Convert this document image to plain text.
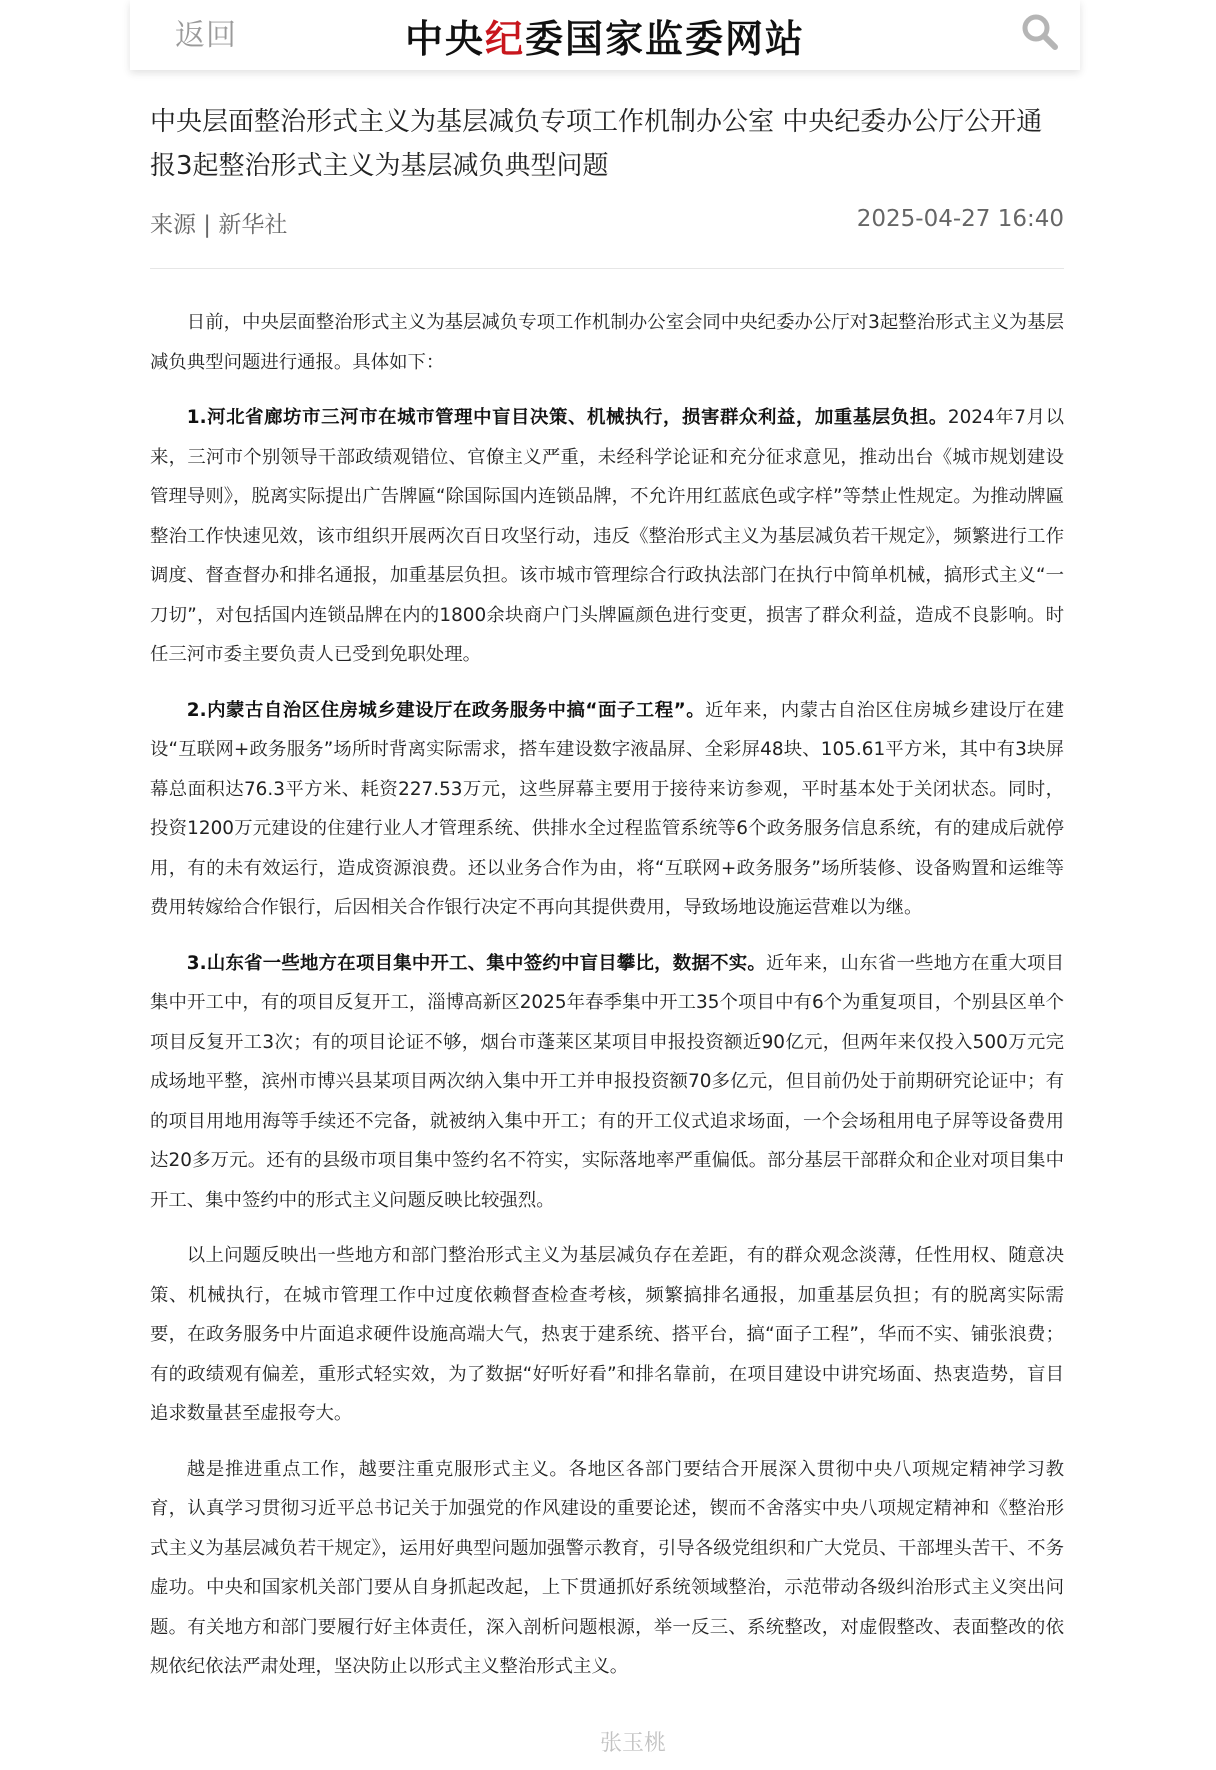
返回	中央纪委国家监委网站
中央层面整治形式主义为基层减负专项工作机制办公室 中央纪委办公厅公开通报3起整治形式主义为基层减负典型问题
来源 | 新华社	2025-04-27 16:40

日前，中央层面整治形式主义为基层减负专项工作机制办公室会同中央纪委办公厅对3起整治形式主义为基层减负典型问题进行通报。具体如下：

1.河北省廊坊市三河市在城市管理中盲目决策、机械执行，损害群众利益，加重基层负担。2024年7月以来，三河市个别领导干部政绩观错位、官僚主义严重，未经科学论证和充分征求意见，推动出台《城市规划建设管理导则》，脱离实际提出广告牌匾“除国际国内连锁品牌，不允许用红蓝底色或字样”等禁止性规定。为推动牌匾整治工作快速见效，该市组织开展两次百日攻坚行动，违反《整治形式主义为基层减负若干规定》，频繁进行工作调度、督查督办和排名通报，加重基层负担。该市城市管理综合行政执法部门在执行中简单机械，搞形式主义“一刀切”，对包括国内连锁品牌在内的1800余块商户门头牌匾颜色进行变更，损害了群众利益，造成不良影响。时任三河市委主要负责人已受到免职处理。

2.内蒙古自治区住房城乡建设厅在政务服务中搞“面子工程”。近年来，内蒙古自治区住房城乡建设厅在建设“互联网+政务服务”场所时背离实际需求，搭车建设数字液晶屏、全彩屏48块、105.61平方米，其中有3块屏幕总面积达76.3平方米、耗资227.53万元，这些屏幕主要用于接待来访参观，平时基本处于关闭状态。同时，投资1200万元建设的住建行业人才管理系统、供排水全过程监管系统等6个政务服务信息系统，有的建成后就停用，有的未有效运行，造成资源浪费。还以业务合作为由，将“互联网+政务服务”场所装修、设备购置和运维等费用转嫁给合作银行，后因相关合作银行决定不再向其提供费用，导致场地设施运营难以为继。

3.山东省一些地方在项目集中开工、集中签约中盲目攀比，数据不实。近年来，山东省一些地方在重大项目集中开工中，有的项目反复开工，淄博高新区2025年春季集中开工35个项目中有6个为重复项目，个别县区单个项目反复开工3次；有的项目论证不够，烟台市蓬莱区某项目申报投资额近90亿元，但两年来仅投入500万元完成场地平整，滨州市博兴县某项目两次纳入集中开工并申报投资额70多亿元，但目前仍处于前期研究论证中；有的项目用地用海等手续还不完备，就被纳入集中开工；有的开工仪式追求场面，一个会场租用电子屏等设备费用达20多万元。还有的县级市项目集中签约名不符实，实际落地率严重偏低。部分基层干部群众和企业对项目集中开工、集中签约中的形式主义问题反映比较强烈。

以上问题反映出一些地方和部门整治形式主义为基层减负存在差距，有的群众观念淡薄，任性用权、随意决策、机械执行，在城市管理工作中过度依赖督查检查考核，频繁搞排名通报，加重基层负担；有的脱离实际需要，在政务服务中片面追求硬件设施高端大气，热衷于建系统、搭平台，搞“面子工程”，华而不实、铺张浪费；有的政绩观有偏差，重形式轻实效，为了数据“好听好看”和排名靠前，在项目建设中讲究场面、热衷造势，盲目追求数量甚至虚报夸大。

越是推进重点工作，越要注重克服形式主义。各地区各部门要结合开展深入贯彻中央八项规定精神学习教育，认真学习贯彻习近平总书记关于加强党的作风建设的重要论述，锲而不舍落实中央八项规定精神和《整治形式主义为基层减负若干规定》，运用好典型问题加强警示教育，引导各级党组织和广大党员、干部埋头苦干、不务虚功。中央和国家机关部门要从自身抓起改起，上下贯通抓好系统领域整治，示范带动各级纠治形式主义突出问题。有关地方和部门要履行好主体责任，深入剖析问题根源，举一反三、系统整改，对虚假整改、表面整改的依规依纪依法严肃处理，坚决防止以形式主义整治形式主义。

张玉桃
